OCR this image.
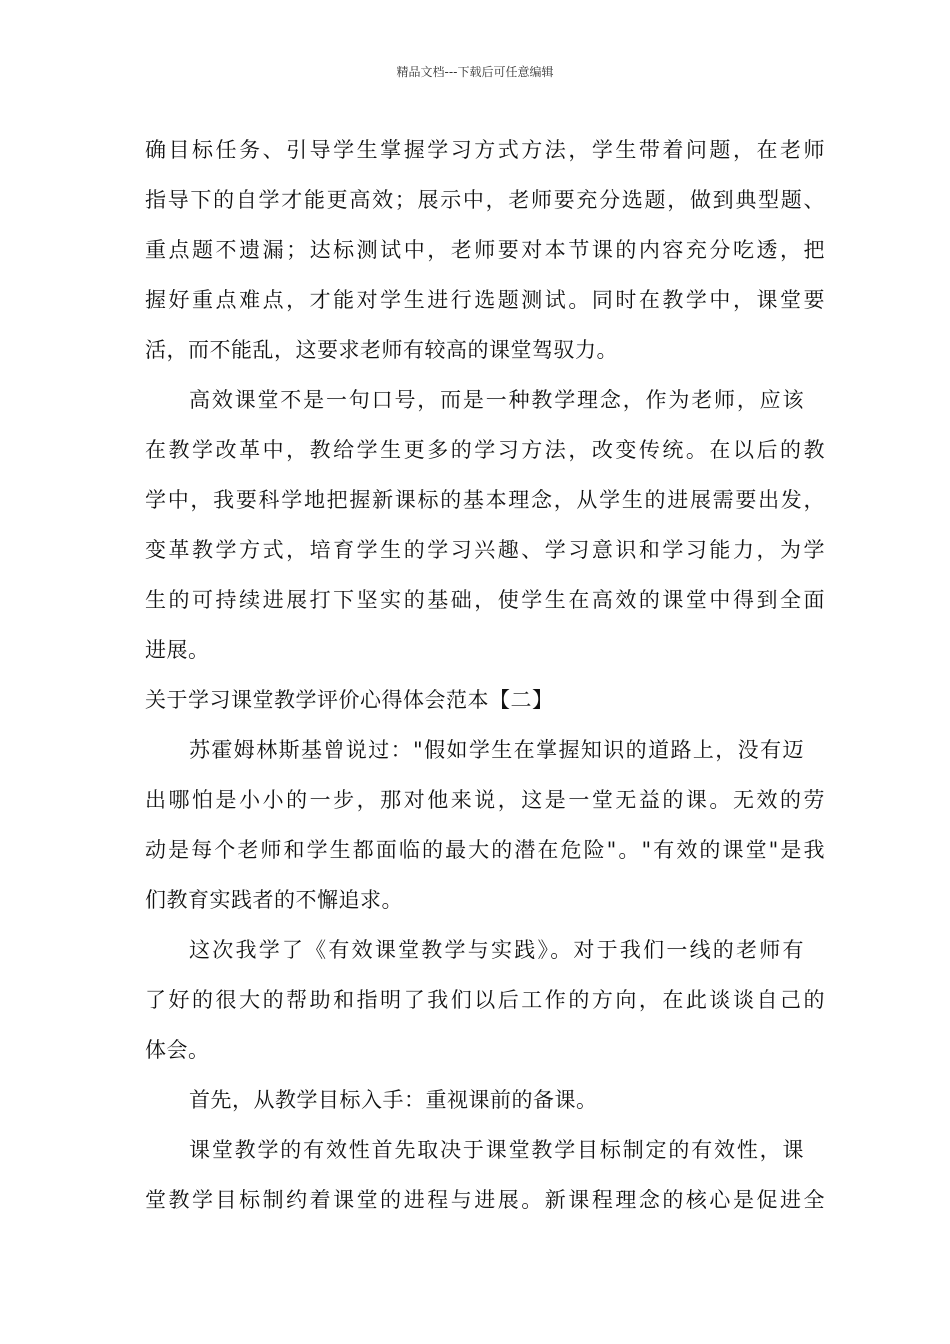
精品文档---下载后可任意编辑
确目标任务、引导学生掌握学习方式方法，学生带着问题，在老师
指导下的自学才能更高效；展示中，老师要充分选题，做到典型题、
重点题不遗漏；达标测试中，老师要对本节课的内容充分吃透，把
握好重点难点，才能对学生进行选题测试。同时在教学中，课堂要
活，而不能乱，这要求老师有较高的课堂驾驭力。
高效课堂不是一句口号，而是一种教学理念，作为老师，应该
在教学改革中，教给学生更多的学习方法，改变传统。在以后的教
学中，我要科学地把握新课标的基本理念，从学生的进展需要出发，
变革教学方式，培育学生的学习兴趣、学习意识和学习能力，为学
生的可持续进展打下坚实的基础，使学生在高效的课堂中得到全面
进展。
关于学习课堂教学评价心得体会范本【二】
苏霍姆林斯基曾说过："假如学生在掌握知识的道路上，没有迈
出哪怕是小小的一步，那对他来说，这是一堂无益的课。无效的劳
动是每个老师和学生都面临的最大的潜在危险"。"有效的课堂"是我
们教育实践者的不懈追求。
这次我学了《有效课堂教学与实践》。对于我们一线的老师有
了好的很大的帮助和指明了我们以后工作的方向，在此谈谈自己的
体会。
首先，从教学目标入手：重视课前的备课。
课堂教学的有效性首先取决于课堂教学目标制定的有效性，课
堂教学目标制约着课堂的进程与进展。新课程理念的核心是促进全
